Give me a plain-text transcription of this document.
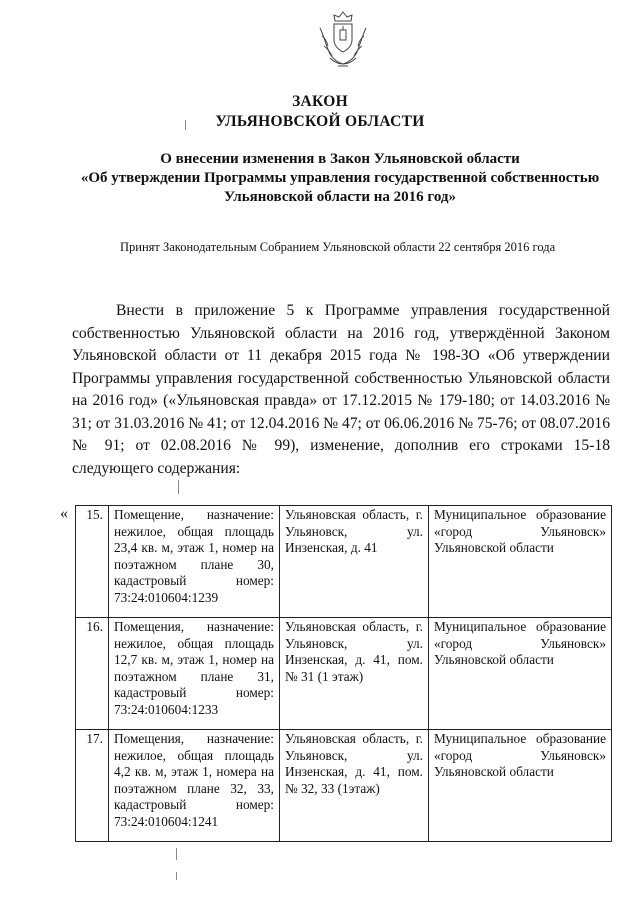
ЗАКОН
УЛЬЯНОВСКОЙ ОБЛАСТИ
О внесении изменения в Закон Ульяновской области
«Об утверждении Программы управления государственной собственностью
Ульяновской области на 2016 год»
Принят Законодательным Собранием Ульяновской области 22 сентября 2016 года
Внести в приложение 5 к Программе управления государственной собственностью Ульяновской области на 2016 год, утверждённой Законом Ульяновской области от 11 декабря 2015 года № 198-ЗО «Об утверждении Программы управления государственной собственностью Ульяновской области на 2016 год» («Ульяновская правда» от 17.12.2015 № 179-180; от 14.03.2016 № 31; от 31.03.2016 № 41; от 12.04.2016 № 47; от 06.06.2016 № 75-76; от 08.07.2016 № 91; от 02.08.2016 № 99), изменение, дополнив его строками 15-18 следующего содержания:
« 15.	Помещение, назначение: нежилое, общая площадь 23,4 кв. м, этаж 1, номер на поэтажном плане 30, кадастровый номер: 73:24:010604:1239	Ульяновская область, г. Ульяновск, ул. Инзенская, д. 41	Муниципальное образование «город Ульяновск» Ульяновской области
16.	Помещения, назначение: нежилое, общая площадь 12,7 кв. м, этаж 1, номер на поэтажном плане 31, кадастровый номер: 73:24:010604:1233	Ульяновская область, г. Ульяновск, ул. Инзенская, д. 41, пом. № 31 (1 этаж)	Муниципальное образование «город Ульяновск» Ульяновской области
17.	Помещения, назначение: нежилое, общая площадь 4,2 кв. м, этаж 1, номера на поэтажном плане 32, 33, кадастровый номер: 73:24:010604:1241	Ульяновская область, г. Ульяновск, ул. Инзенская, д. 41, пом. № 32, 33 (1этаж)	Муниципальное образование «город Ульяновск» Ульяновской области
